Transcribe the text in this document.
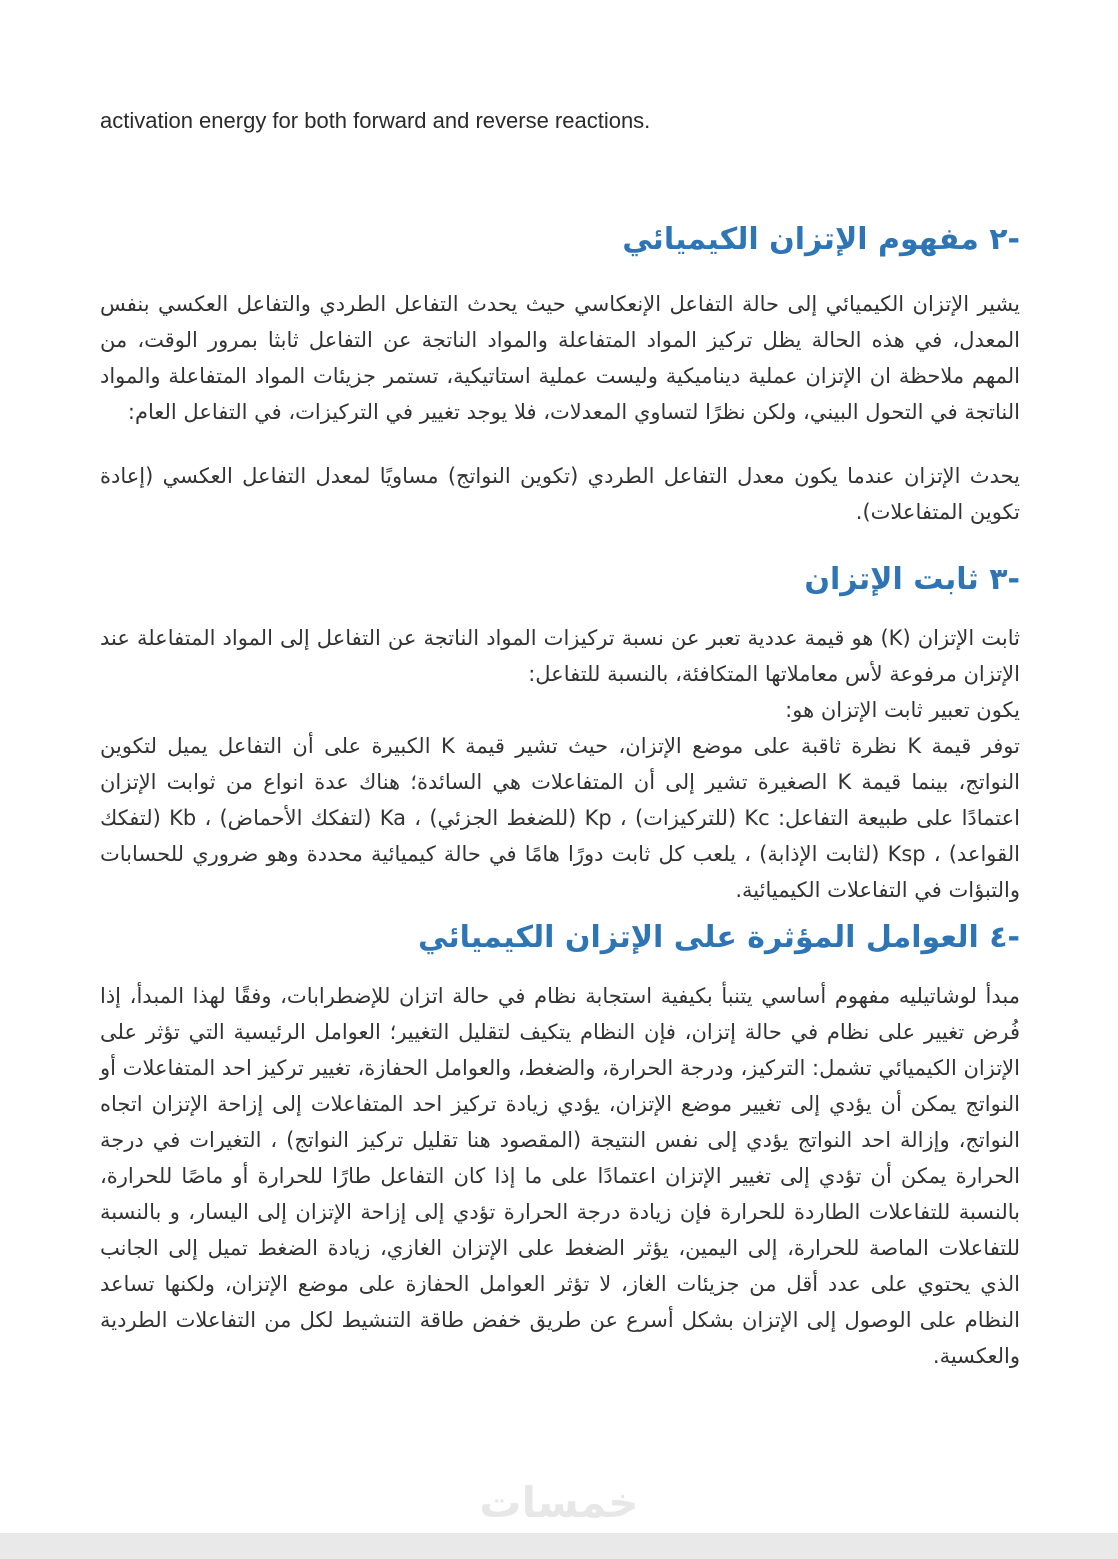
activation energy for both forward and reverse reactions.

-٢ مفهوم الإتزان الكيميائي

يشير الإتزان الكيميائي إلى حالة التفاعل الإنعكاسي حيث يحدث التفاعل الطردي والتفاعل العكسي بنفس المعدل، في هذه الحالة يظل تركيز المواد المتفاعلة والمواد الناتجة عن التفاعل ثابثا بمرور الوقت، من المهم ملاحظة ان الإتزان عملية ديناميكية وليست عملية استاتيكية، تستمر جزيئات المواد المتفاعلة والمواد الناتجة في التحول البيني، ولكن نظرًا لتساوي المعدلات، فلا يوجد تغيير في التركيزات، في التفاعل العام:

يحدث الإتزان عندما يكون معدل التفاعل الطردي (تكوين النواتج) مساويًا لمعدل التفاعل العكسي (إعادة تكوين المتفاعلات).

-٣ ثابت الإتزان

ثابت الإتزان (K) هو قيمة عددية تعبر عن نسبة تركيزات المواد الناتجة عن التفاعل إلى المواد المتفاعلة عند الإتزان مرفوعة لأس معاملاتها المتكافئة، بالنسبة للتفاعل:

يكون تعبير ثابت الإتزان هو:

توفر قيمة K نظرة ثاقبة على موضع الإتزان، حيث تشير قيمة K الكبيرة على أن التفاعل يميل لتكوين النواتج، بينما قيمة K الصغيرة تشير إلى أن المتفاعلات هي السائدة؛ هناك عدة انواع من ثوابت الإتزان اعتمادًا على طبيعة التفاعل: Kc (للتركيزات) ، Kp (للضغط الجزئي) ، Ka (لتفكك الأحماض) ، Kb (لتفكك القواعد) ، Ksp (لثابت الإذابة) ، يلعب كل ثابت دورًا هامًا في حالة كيميائية محددة وهو ضروري للحسابات والتبؤات في التفاعلات الكيميائية.

-٤ العوامل المؤثرة على الإتزان الكيميائي

مبدأ لوشاتيليه مفهوم أساسي يتنبأ بكيفية استجابة نظام في حالة اتزان للإضطرابات، وفقًا لهذا المبدأ، إذا فُرض تغيير على نظام في حالة إتزان، فإن النظام يتكيف لتقليل التغيير؛ العوامل الرئيسية التي تؤثر على الإتزان الكيميائي تشمل: التركيز، ودرجة الحرارة، والضغط، والعوامل الحفازة، تغيير تركيز احد المتفاعلات أو النواتج يمكن أن يؤدي إلى تغيير موضع الإتزان، يؤدي زيادة تركيز احد المتفاعلات إلى إزاحة الإتزان اتجاه النواتج، وإزالة احد النواتج يؤدي إلى نفس النتيجة (المقصود هنا تقليل تركيز النواتج) ، التغيرات في درجة الحرارة يمكن أن تؤدي إلى تغيير الإتزان اعتمادًا على ما إذا كان التفاعل طارًا للحرارة أو ماصًا للحرارة، بالنسبة للتفاعلات الطاردة للحرارة فإن زيادة درجة الحرارة تؤدي إلى إزاحة الإتزان إلى اليسار، و بالنسبة للتفاعلات الماصة للحرارة، إلى اليمين، يؤثر الضغط على الإتزان الغازي، زيادة الضغط تميل إلى الجانب الذي يحتوي على عدد أقل من جزيئات الغاز، لا تؤثر العوامل الحفازة على موضع الإتزان، ولكنها تساعد النظام على الوصول إلى الإتزان بشكل أسرع عن طريق خفض طاقة التنشيط لكل من التفاعلات الطردية والعكسية.

خمسات
